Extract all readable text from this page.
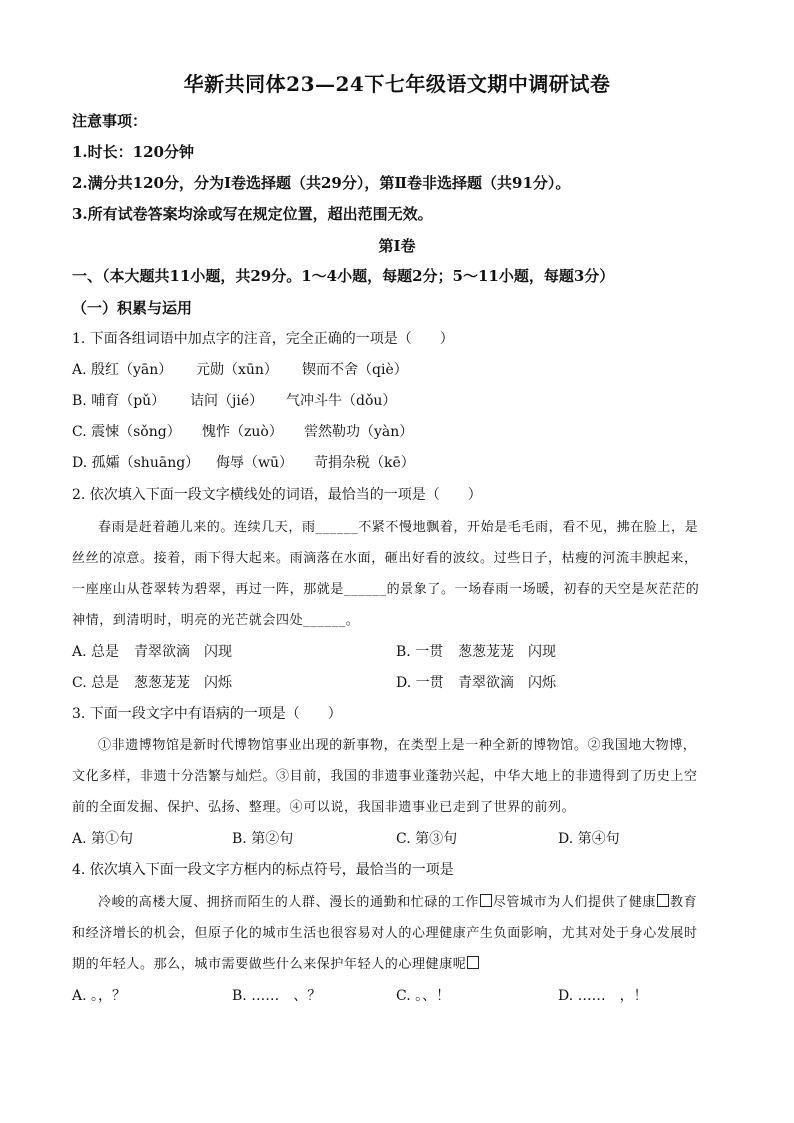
华新共同体23—24下七年级语文期中调研试卷
注意事项：
1.时长：120分钟
2.满分共120分，分为Ⅰ卷选择题（共29分），第Ⅱ卷非选择题（共91分）。
3.所有试卷答案均涂或写在规定位置，超出范围无效。
第Ⅰ卷
一、（本大题共11小题，共29分。1～4小题，每题2分；5～11小题，每题3分）
（一）积累与运用
1. 下面各组词语中加点字的注音，完全正确的一项是（　　）
A. 殷红（yān） 元勋（xūn） 锲而不舍（qiè）
B. 哺育（pǔ） 诘问（jié） 气冲斗牛（dǒu）
C. 震悚（sǒng） 愧怍（zuò） 喾然勒功（yàn）
D. 孤孀（shuāng） 侮辱（wū） 苛捐杂税（kē）
2. 依次填入下面一段文字横线处的词语，最恰当的一项是（　　）
春雨是赶着趟儿来的。连续几天，雨______不紧不慢地飘着，开始是毛毛雨，看不见，拂在脸上，是
丝丝的凉意。接着，雨下得大起来。雨滴落在水面，砸出好看的波纹。过些日子，枯瘦的河流丰腴起来，
一座座山从苍翠转为碧翠，再过一阵，那就是______的景象了。一场春雨一场暖，初春的天空是灰茫茫的
神情，到清明时，明亮的光芒就会四处______。
A. 总是 青翠欲滴 闪现	B. 一贯 葱葱茏茏 闪现
C. 总是 葱葱茏茏 闪烁	D. 一贯 青翠欲滴 闪烁
3. 下面一段文字中有语病的一项是（　　）
①非遗博物馆是新时代博物馆事业出现的新事物，在类型上是一种全新的博物馆。②我国地大物博，
文化多样，非遗十分浩繁与灿烂。③目前，我国的非遗事业蓬勃兴起，中华大地上的非遗得到了历史上空
前的全面发掘、保护、弘扬、整理。④可以说，我国非遗事业已走到了世界的前列。
A. 第①句	B. 第②句	C. 第③句	D. 第④句
4. 依次填入下面一段文字方框内的标点符号，最恰当的一项是
冷峻的高楼大厦、拥挤而陌生的人群、漫长的通勤和忙碌的工作 尽管城市为人们提供了健康 教育
和经济增长的机会，但原子化的城市生活也很容易对人的心理健康产生负面影响，尤其对处于身心发展时
期的年轻人。那么，城市需要做些什么来保护年轻人的心理健康呢
A. 。，？	B. ……　、？	C. 。、！	D. ……　，！
